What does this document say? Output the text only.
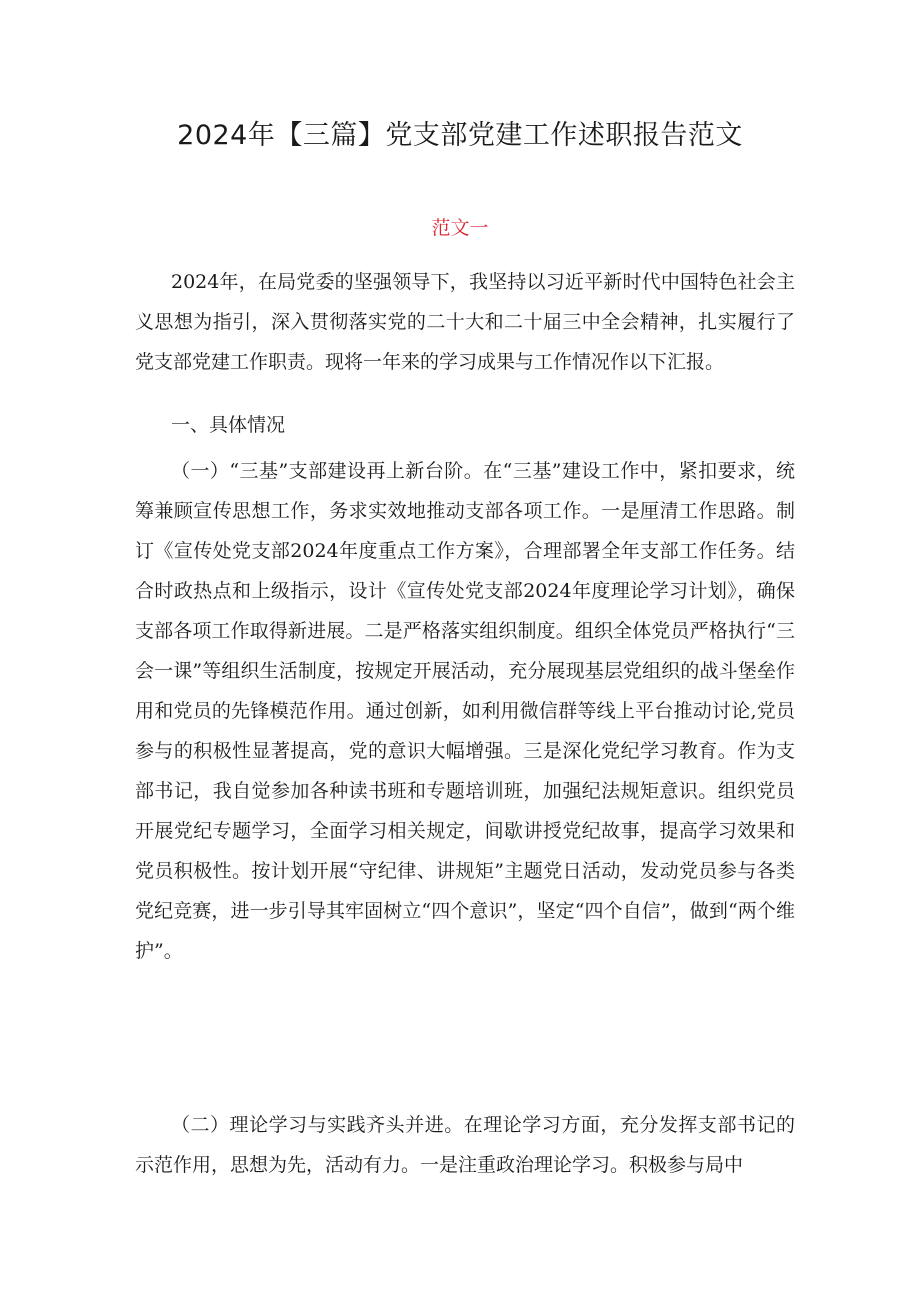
2024年【三篇】党支部党建工作述职报告范文
范文一

2024年，在局党委的坚强领导下，我坚持以习近平新时代中国特色社会主义思想为指引，深入贯彻落实党的二十大和二十届三中全会精神，扎实履行了党支部党建工作职责。现将一年来的学习成果与工作情况作以下汇报。

一、具体情况

（一）“三基”支部建设再上新台阶。在“三基”建设工作中，紧扣要求，统筹兼顾宣传思想工作，务求实效地推动支部各项工作。一是厘清工作思路。制订《宣传处党支部2024年度重点工作方案》，合理部署全年支部工作任务。结合时政热点和上级指示，设计《宣传处党支部2024年度理论学习计划》，确保支部各项工作取得新进展。二是严格落实组织制度。组织全体党员严格执行“三会一课”等组织生活制度，按规定开展活动，充分展现基层党组织的战斗堡垒作用和党员的先锋模范作用。通过创新，如利用微信群等线上平台推动讨论,党员参与的积极性显著提高，党的意识大幅增强。三是深化党纪学习教育。作为支部书记，我自觉参加各种读书班和专题培训班，加强纪法规矩意识。组织党员开展党纪专题学习，全面学习相关规定，间歇讲授党纪故事，提高学习效果和党员积极性。按计划开展“守纪律、讲规矩”主题党日活动，发动党员参与各类党纪竞赛，进一步引导其牢固树立“四个意识”，坚定“四个自信”，做到“两个维护”。

（二）理论学习与实践齐头并进。在理论学习方面，充分发挥支部书记的示范作用，思想为先，活动有力。一是注重政治理论学习。积极参与局中
